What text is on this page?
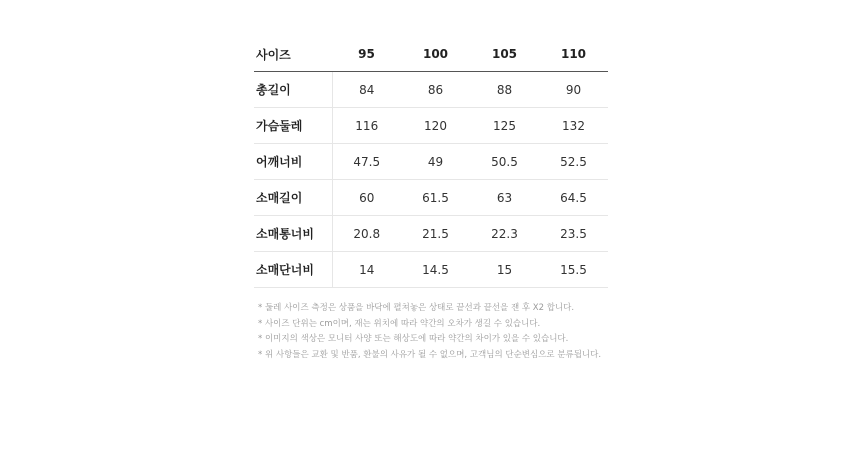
사이즈	95	100	105	110
총길이	84	86	88	90
가슴둘레	116	120	125	132
어깨너비	47.5	49	50.5	52.5
소매길이	60	61.5	63	64.5
소매통너비	20.8	21.5	22.3	23.5
소매단너비	14	14.5	15	15.5
* 둘레 사이즈 측정은 상품을 바닥에 펼쳐놓은 상태로 끝선과 끝선을 잰 후 X2 합니다.
* 사이즈 단위는 cm이며, 재는 위치에 따라 약간의 오차가 생길 수 있습니다.
* 이미지의 색상은 모니터 사양 또는 해상도에 따라 약간의 차이가 있을 수 있습니다.
* 위 사항들은 교환 및 반품, 환불의 사유가 될 수 없으며, 고객님의 단순변심으로 분류됩니다.
